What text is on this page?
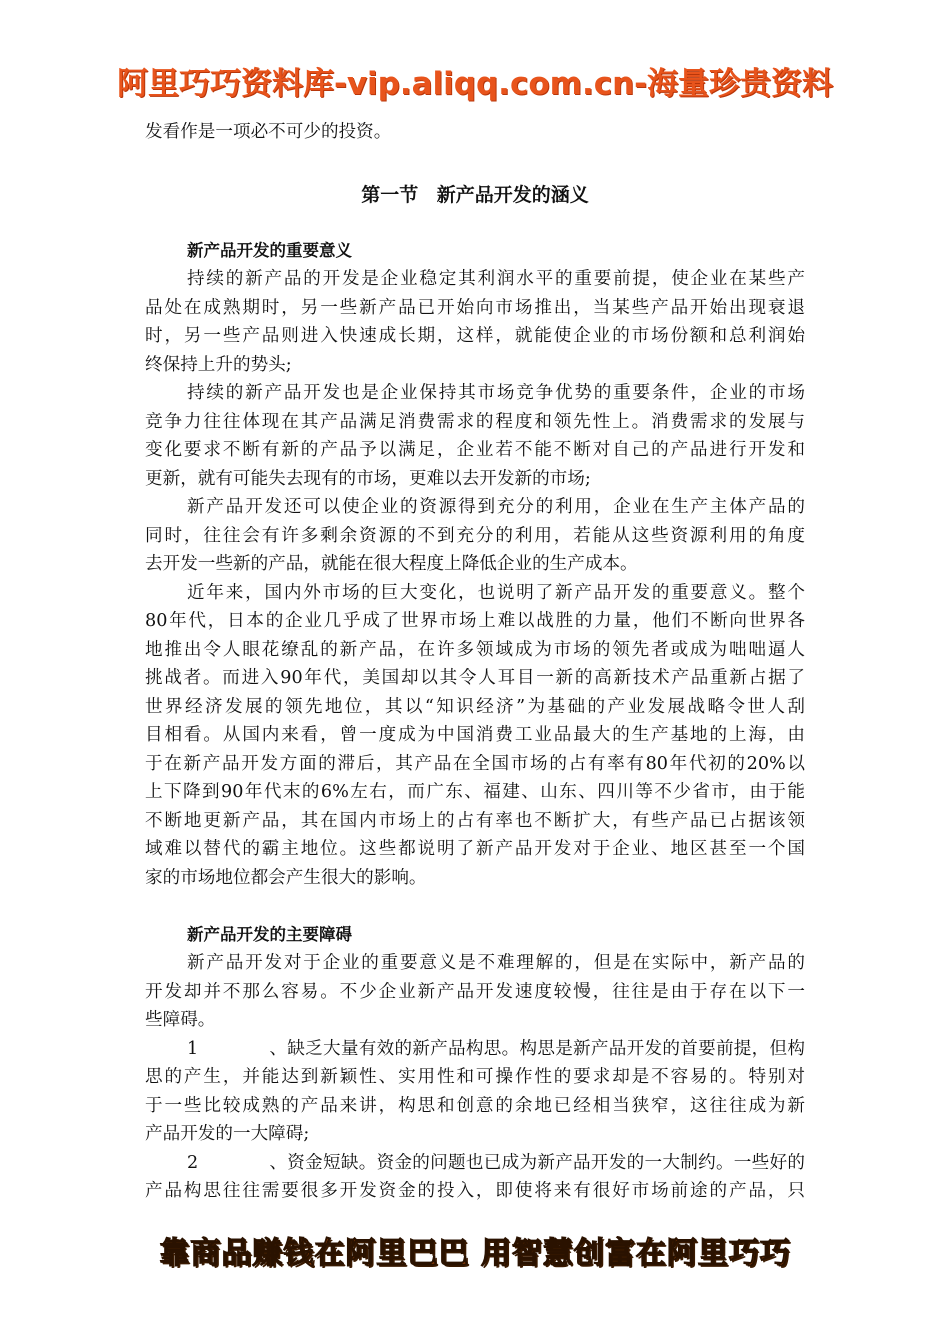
阿里巧巧资料库-vip.aliqq.com.cn-海量珍贵资料
发看作是一项必不可少的投资。
第一节 新产品开发的涵义
新产品开发的重要意义
持续的新产品的开发是企业稳定其利润水平的重要前提，使企业在某些产
品处在成熟期时，另一些新产品已开始向市场推出，当某些产品开始出现衰退
时，另一些产品则进入快速成长期，这样，就能使企业的市场份额和总利润始
终保持上升的势头;
持续的新产品开发也是企业保持其市场竞争优势的重要条件，企业的市场
竞争力往往体现在其产品满足消费需求的程度和领先性上。消费需求的发展与
变化要求不断有新的产品予以满足，企业若不能不断对自己的产品进行开发和
更新，就有可能失去现有的市场，更难以去开发新的市场;
新产品开发还可以使企业的资源得到充分的利用，企业在生产主体产品的
同时，往往会有许多剩余资源的不到充分的利用，若能从这些资源利用的角度
去开发一些新的产品，就能在很大程度上降低企业的生产成本。
近年来，国内外市场的巨大变化，也说明了新产品开发的重要意义。整个
80年代，日本的企业几乎成了世界市场上难以战胜的力量，他们不断向世界各
地推出令人眼花缭乱的新产品，在许多领域成为市场的领先者或成为咄咄逼人
挑战者。而进入90年代，美国却以其令人耳目一新的高新技术产品重新占据了
世界经济发展的领先地位，其以“知识经济”为基础的产业发展战略令世人刮
目相看。从国内来看，曾一度成为中国消费工业品最大的生产基地的上海，由
于在新产品开发方面的滞后，其产品在全国市场的占有率有80年代初的20%以
上下降到90年代末的6%左右，而广东、福建、山东、四川等不少省市，由于能
不断地更新产品，其在国内市场上的占有率也不断扩大，有些产品已占据该领
域难以替代的霸主地位。这些都说明了新产品开发对于企业、地区甚至一个国
家的市场地位都会产生很大的影响。
新产品开发的主要障碍
新产品开发对于企业的重要意义是不难理解的，但是在实际中，新产品的
开发却并不那么容易。不少企业新产品开发速度较慢，往往是由于存在以下一
些障碍。
1、缺乏大量有效的新产品构思。构思是新产品开发的首要前提，但构
思的产生，并能达到新颖性、实用性和可操作性的要求却是不容易的。特别对
于一些比较成熟的产品来讲，构思和创意的余地已经相当狭窄，这往往成为新
产品开发的一大障碍;
2、资金短缺。资金的问题也已成为新产品开发的一大制约。一些好的
产品构思往往需要很多开发资金的投入，即使将来有很好市场前途的产品，只
靠商品赚钱在阿里巴巴 用智慧创富在阿里巧巧
